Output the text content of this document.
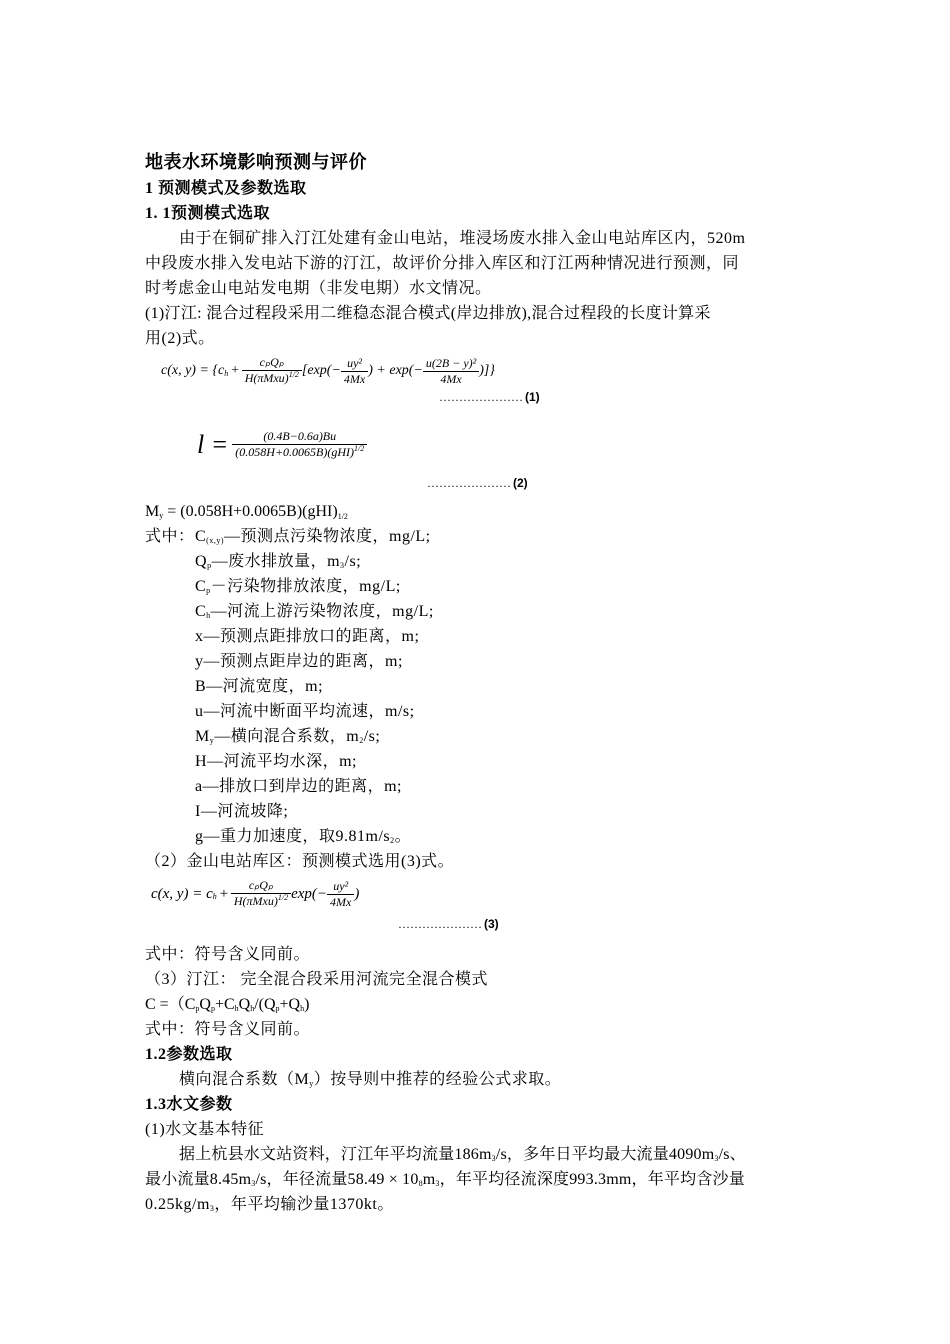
地表水环境影响预测与评价
1 预测模式及参数选取
1. 1预测模式选取
由于在铜矿排入汀江处建有金山电站，堆浸场废水排入金山电站库区内，520m
中段废水排入发电站下游的汀江，故评价分排入库区和汀江两种情况进行预测，同
时考虑金山电站发电期（非发电期）水文情况。
(1)汀江: 混合过程段采用二维稳态混合模式(岸边排放),混合过程段的长度计算采
用(2)式。
c(x, $y) = \{c_h + \frac{\text{cₚQₚ}}{H(\pi Mxu)^{1/2}} [\exp(- \frac{\text{uy²}}{4Mx}$ ) + $\exp(- \frac{\text{u(2B − y)²}}{4Mx}$ )]}
………………… (1)
$l = \frac{(0.4B-0.6a)Bu}{(0.058H+0.0065B)(gHI)^{1/2}}$
………………… (2)
$M_y = (0.058H+0.0065B)(gHI)^{1/2}$
式中：$C_{(x,y)}—$预测点污染物浓度，mg/L;
$Q_p—$废水排放量，$m_3/s$;
$C_p-$污染物排放浓度，mg/L;
$C_h—$河流上游污染物浓度，mg/L;
x—预测点距排放口的距离，m;
y—预测点距岸边的距离，m;
B—河流宽度，m;
u—河流中断面平均流速，m/s;
$M_y—$横向混合系数，$m_2/s$;
H—河流平均水深，m;
a—排放口到岸边的距离，m;
I—河流坡降;
g—重力加速度，取$9.81m/s_2$。
（2）金山电站库区：预测模式选用(3)式。
c(x, $y) = c_h + \frac{\text{cₚQₚ}}{H(\pi Mxu)^{1/2}} \exp(- \frac{\text{uy²}}{4Mx}$ )
………………… (3)
式中：符号含义同前。
（3）汀江： 完全混合段采用河流完全混合模式
$C =(C_pQ_p+C_hQ_h/(Q_p+Q_h)$
式中：符号含义同前。
1.2参数选取
横向混合系数$(M_y)$按导则中推荐的经验公式求取。
1.3水文参数
(1)水文基本特征
据上杭县水文站资料，汀江年平均流量$186m_3/s$，多年日平均最大流量$4090m_3/s$、
最小流量$8.45m_3/s$，年径流量$58.49 \times 10_8m_3$，年平均径流深度993.3mm，年平均含沙量
$0.25kg/m_3$，年平均输沙量1370kt。
